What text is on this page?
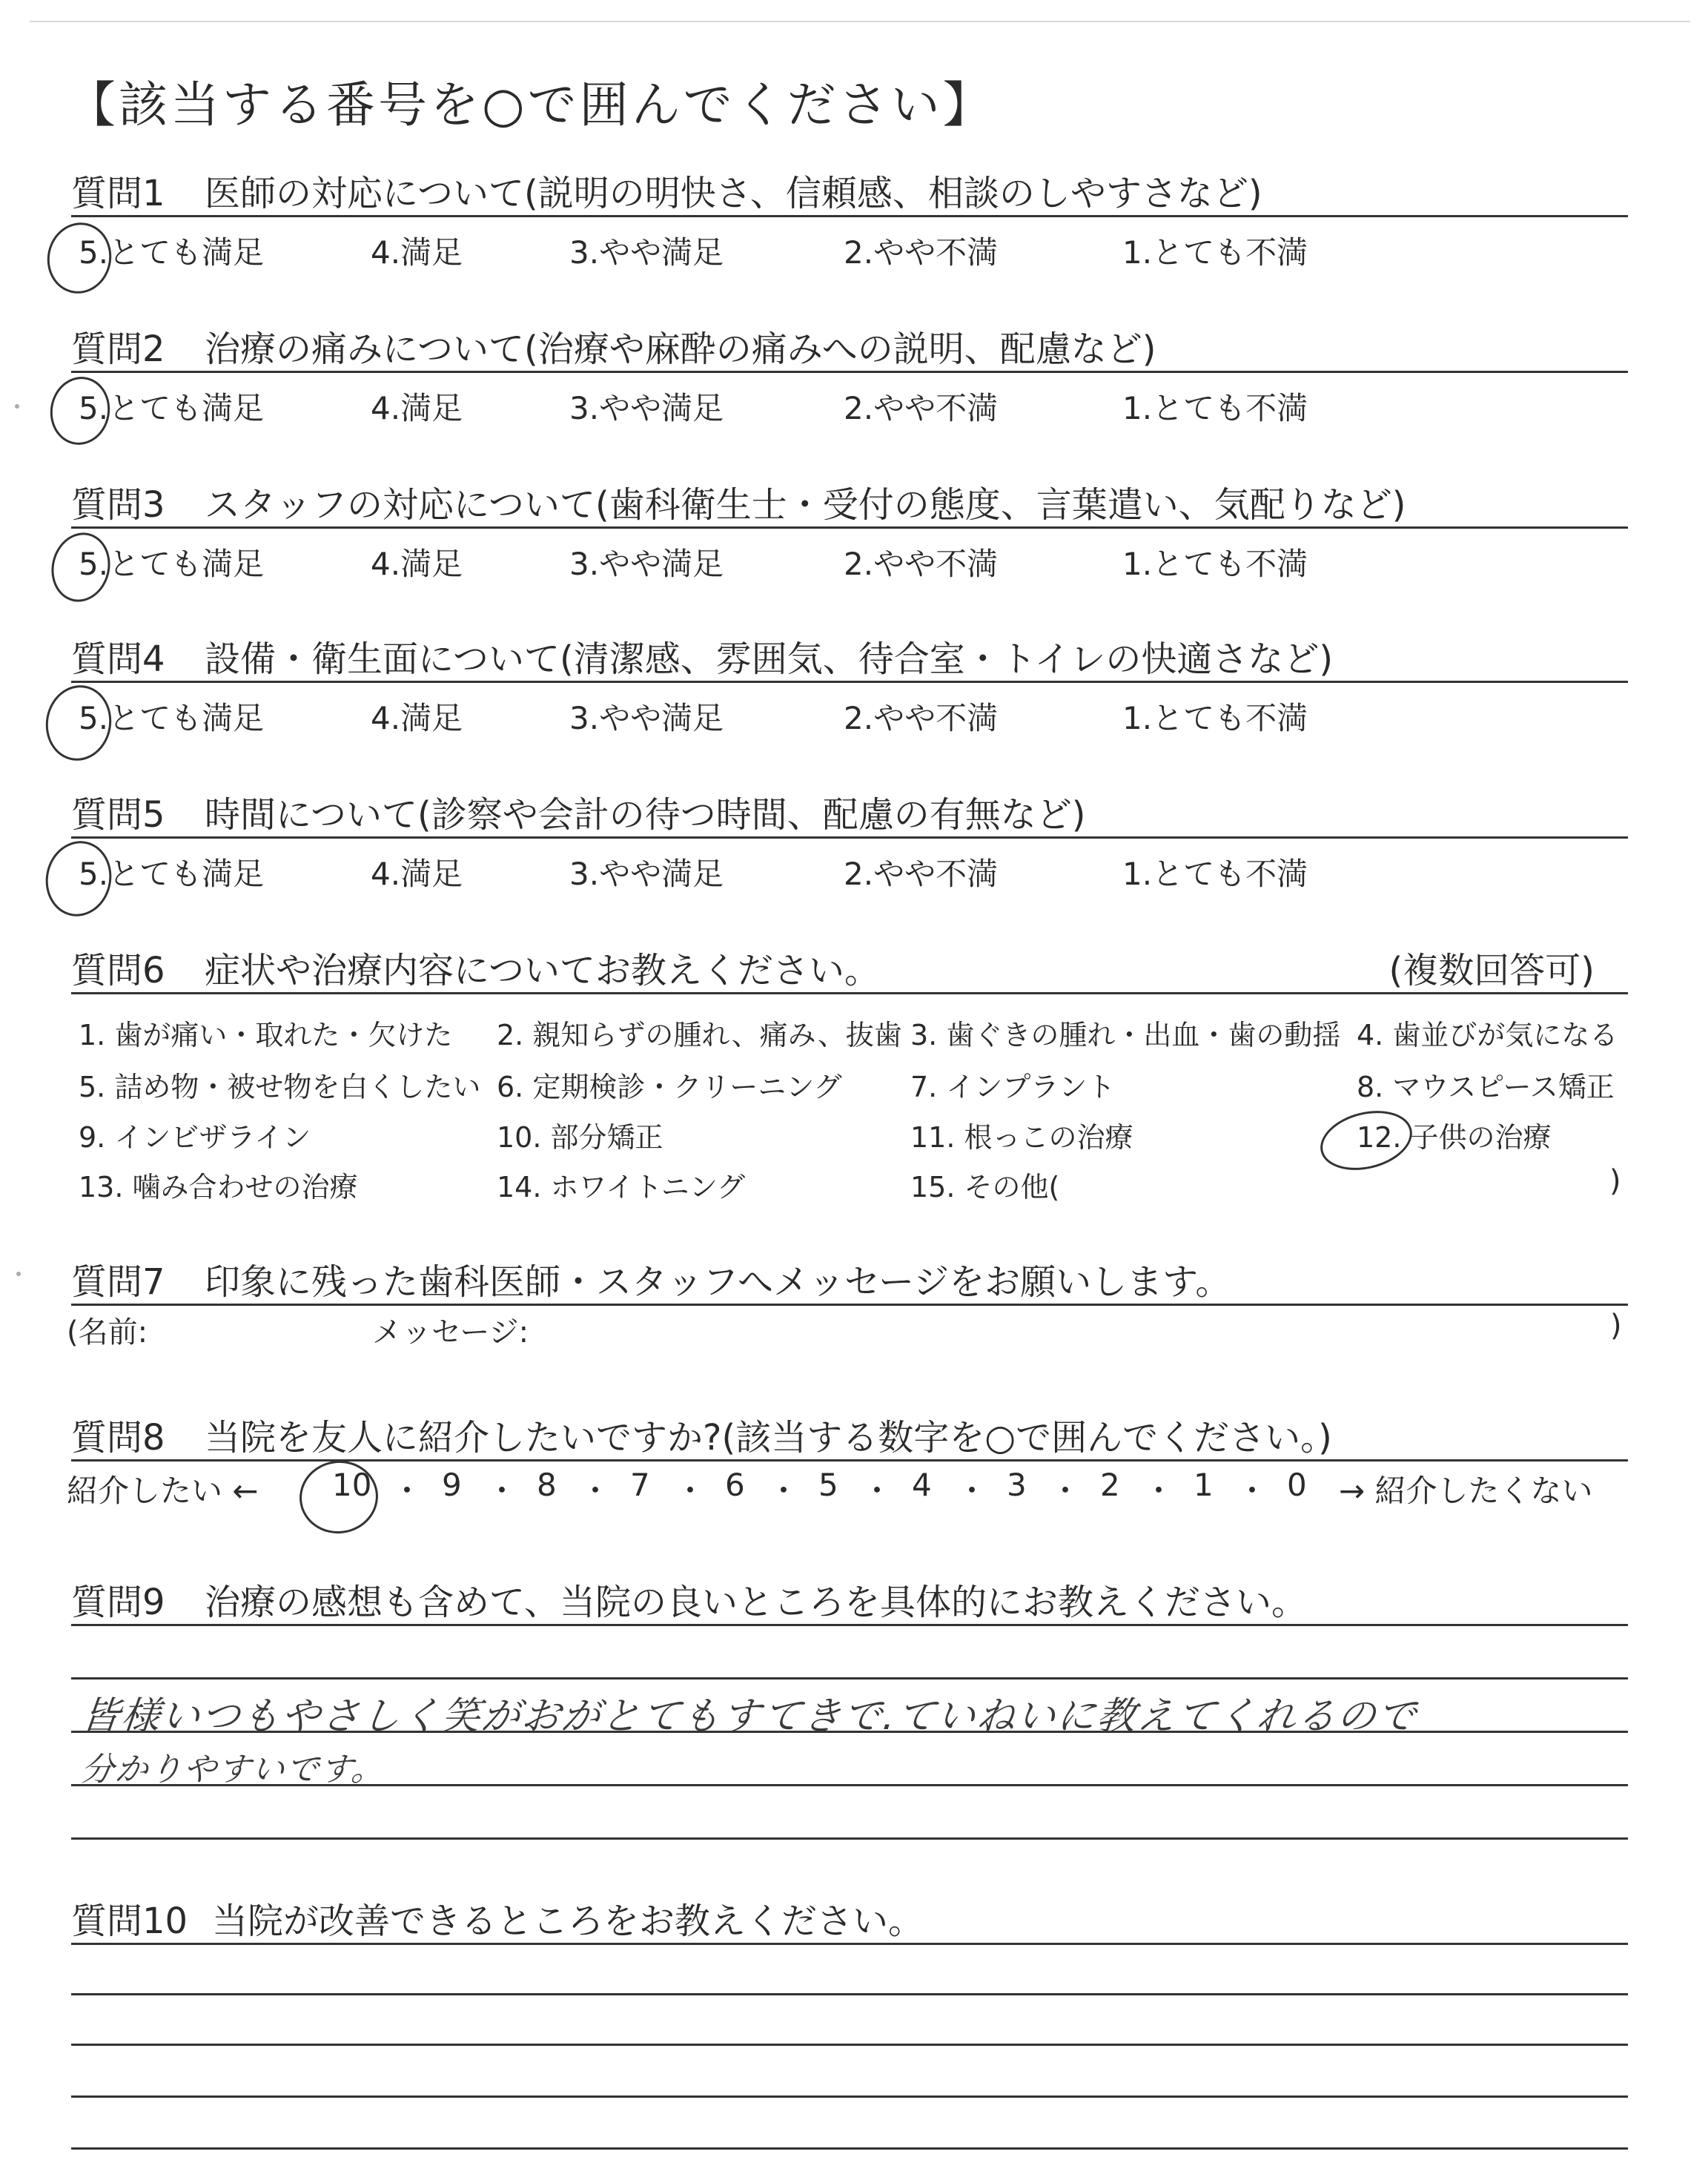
【該当する番号を○で囲んでください】
質問1 医師の対応について(説明の明快さ、信頼感、相談のしやすさなど)
5.とても満足	4.満足	3.やや満足	2.やや不満	1.とても不満
質問2 治療の痛みについて(治療や麻酔の痛みへの説明、配慮など)
5.とても満足	4.満足	3.やや満足	2.やや不満	1.とても不満
質問3 スタッフの対応について(歯科衛生士・受付の態度、言葉遣い、気配りなど)
5.とても満足	4.満足	3.やや満足	2.やや不満	1.とても不満
質問4 設備・衛生面について(清潔感、雰囲気、待合室・トイレの快適さなど)
5.とても満足	4.満足	3.やや満足	2.やや不満	1.とても不満
質問5 時間について(診察や会計の待つ時間、配慮の有無など)
5.とても満足	4.満足	3.やや満足	2.やや不満	1.とても不満
質問6 症状や治療内容についてお教えください。	(複数回答可)
1. 歯が痛い・取れた・欠けた 2. 親知らずの腫れ、痛み、抜歯 3. 歯ぐきの腫れ・出血・歯の動揺 4. 歯並びが気になる
5. 詰め物・被せ物を白くしたい 6. 定期検診・クリーニング 7. インプラント	8. マウスピース矯正
9. インビザライン	10. 部分矯正	11. 根っこの治療	12. 子供の治療
13. 噛み合わせの治療	14. ホワイトニング	15. その他(	)
質問7 印象に残った歯科医師・スタッフへメッセージをお願いします。
(名前:	メッセージ:	)
質問8 当院を友人に紹介したいですか?(該当する数字を○で囲んでください。)
紹介したい ← 10 ・ 9 ・ 8 ・ 7 ・ 6 ・ 5 ・ 4 ・ 3 ・ 2 ・ 1 ・ 0 → 紹介したくない
質問9 治療の感想も含めて、当院の良いところを具体的にお教えください。
皆様いつもやさしく笑がおがとてもすてきで.ていねいに教えてくれるので
分かりやすいです。
質問10 当院が改善できるところをお教えください。
